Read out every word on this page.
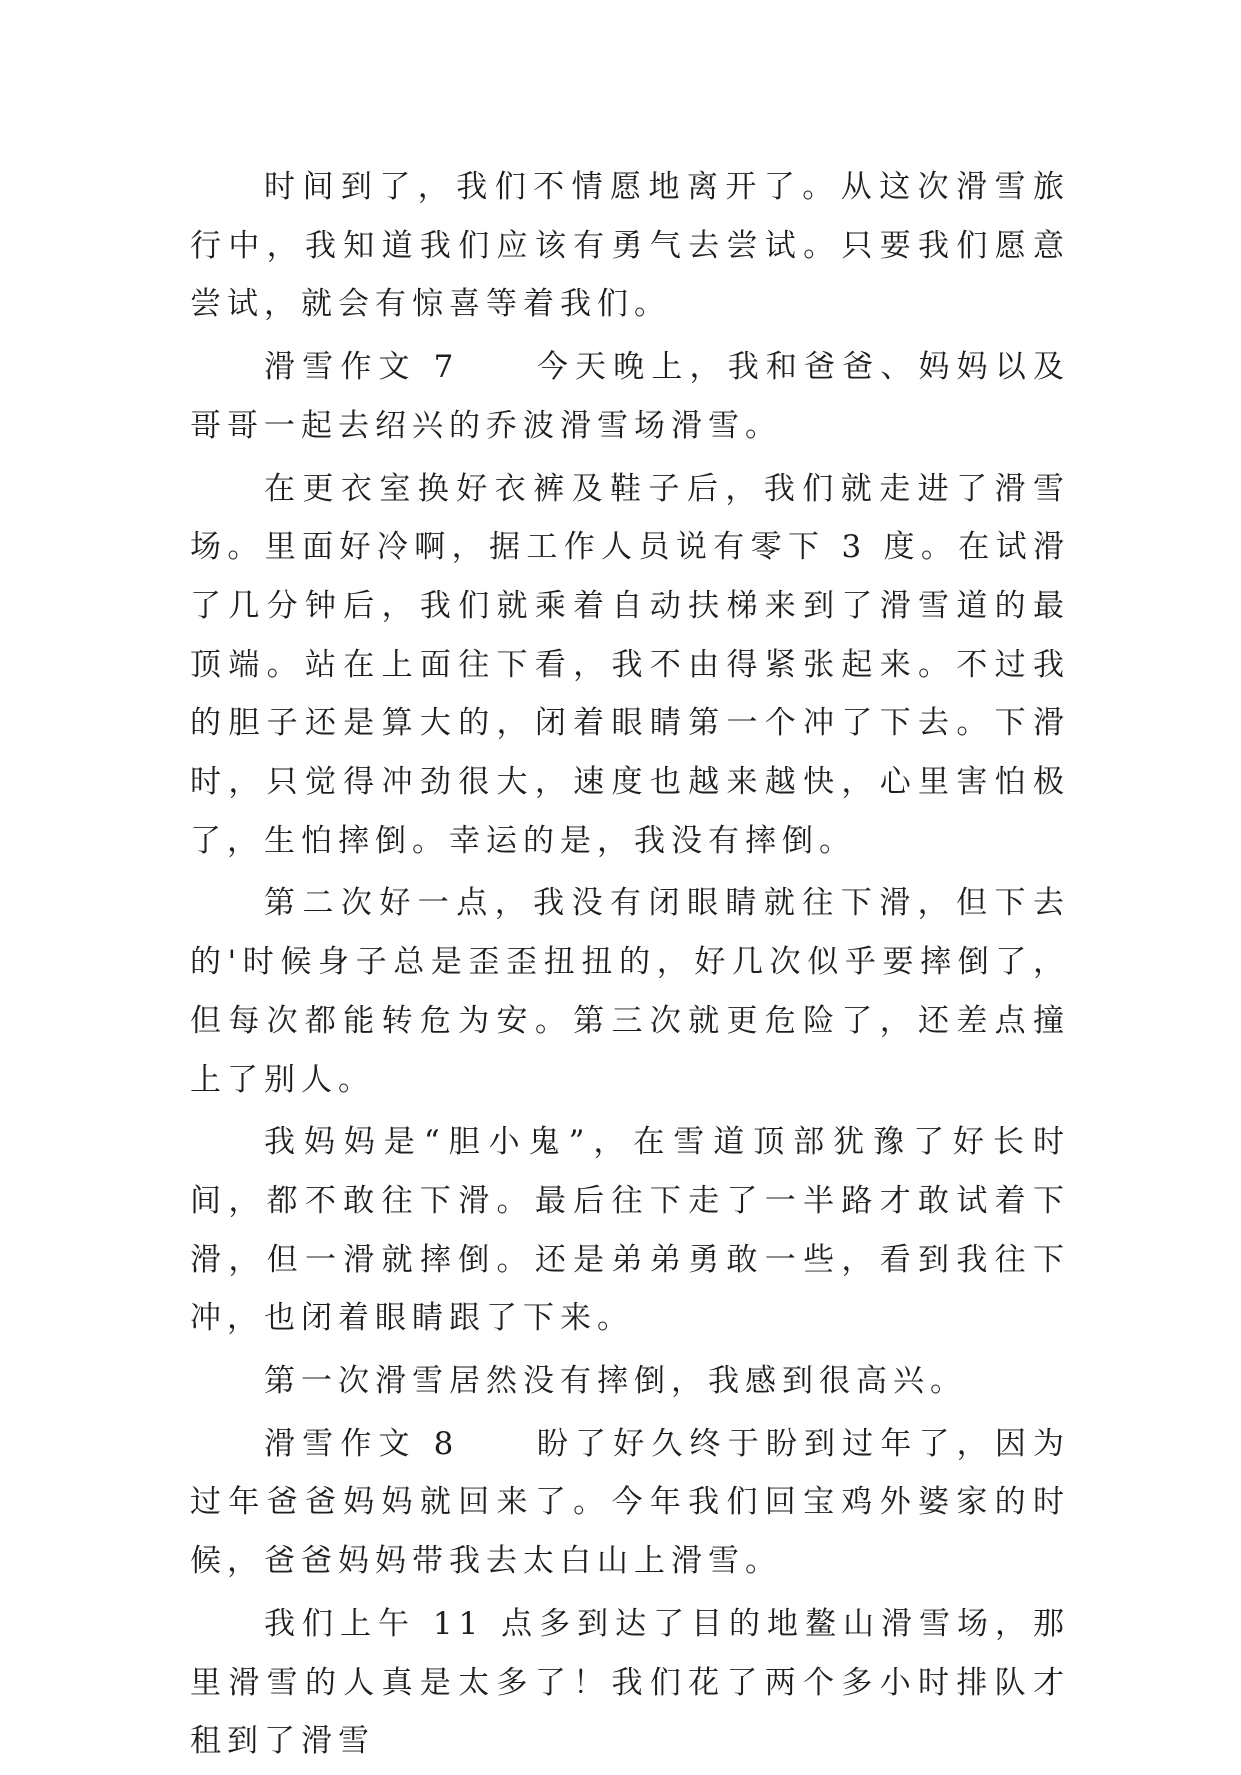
时间到了，我们不情愿地离开了。从这次滑雪旅行中，我知道我们应该有勇气去尝试。只要我们愿意尝试，就会有惊喜等着我们。

滑雪作文 7　　今天晚上，我和爸爸、妈妈以及哥哥一起去绍兴的乔波滑雪场滑雪。

在更衣室换好衣裤及鞋子后，我们就走进了滑雪场。里面好冷啊，据工作人员说有零下 3 度。在试滑了几分钟后，我们就乘着自动扶梯来到了滑雪道的最顶端。站在上面往下看，我不由得紧张起来。不过我的胆子还是算大的，闭着眼睛第一个冲了下去。下滑时，只觉得冲劲很大，速度也越来越快，心里害怕极了，生怕摔倒。幸运的是，我没有摔倒。

第二次好一点，我没有闭眼睛就往下滑，但下去的'时候身子总是歪歪扭扭的，好几次似乎要摔倒了，但每次都能转危为安。第三次就更危险了，还差点撞上了别人。

我妈妈是“胆小鬼”，在雪道顶部犹豫了好长时间，都不敢往下滑。最后往下走了一半路才敢试着下滑，但一滑就摔倒。还是弟弟勇敢一些，看到我往下冲，也闭着眼睛跟了下来。

第一次滑雪居然没有摔倒，我感到很高兴。

滑雪作文 8　　盼了好久终于盼到过年了，因为过年爸爸妈妈就回来了。今年我们回宝鸡外婆家的时候，爸爸妈妈带我去太白山上滑雪。

我们上午 11 点多到达了目的地鳌山滑雪场，那里滑雪的人真是太多了！我们花了两个多小时排队才租到了滑雪
